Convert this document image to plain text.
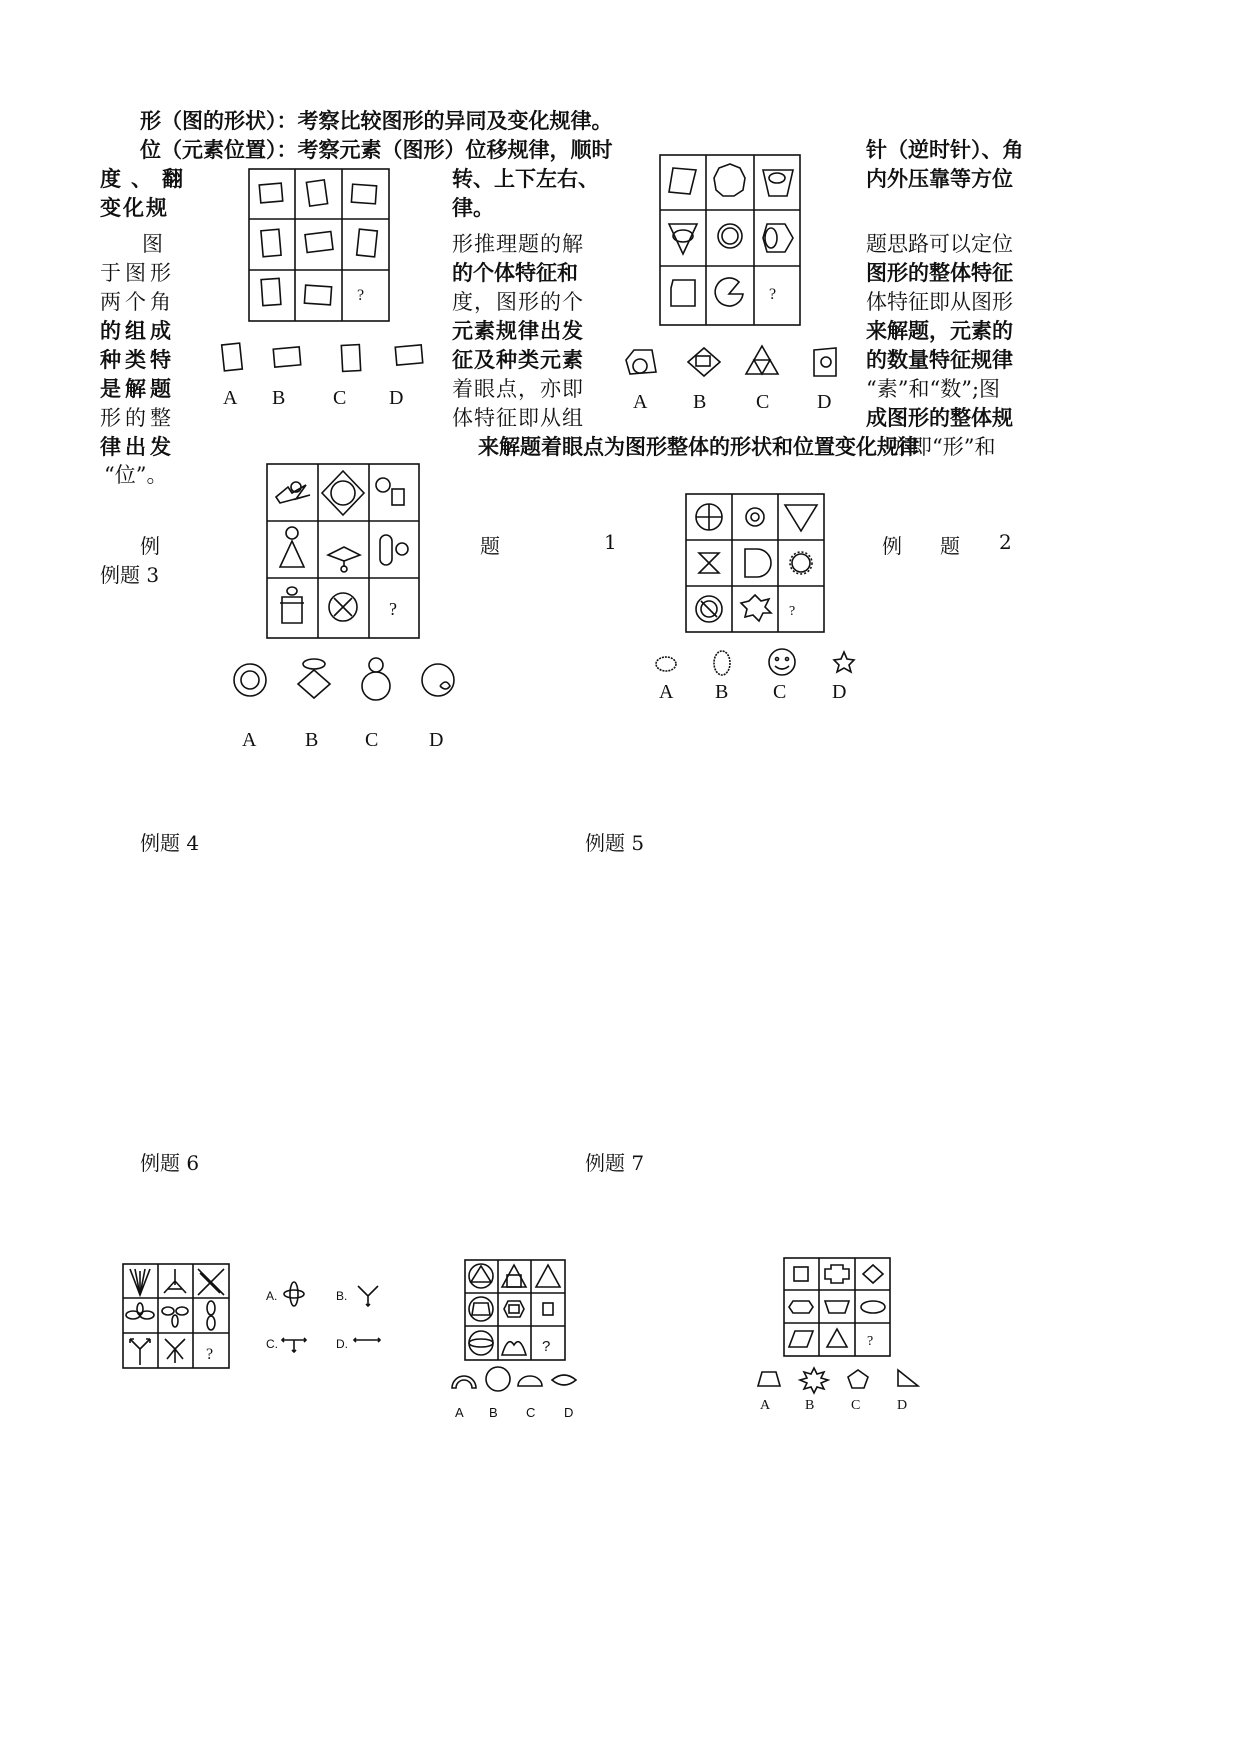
形（图的形状）：考察比较图形的异同及变化规律。
位（元素位置）：考察元素（图形）位移规律，顺时	针（逆时针）、角
度、翻
变化规
转、上下左右、
律。
内外压靠等方位
图
于图形
两个角
的组成
种类特
是解题
形的整
律出发
“位”。
形推理题的解
的个体特征和
度，图形的个
元素规律出发
征及种类元素
着眼点，亦即
体特征即从组
题思路可以定位
图形的整体特征
体特征即从图形
来解题，元素的
的数量特征规律
“素”和“数”;图
成图形的整体规
来解题着眼点为图形整体的形状和位置变化规律
亦即“形”和
例	题	1	例 题 2
例题 3
例题 4	例题 5
例题 6	例题 7
?
A B C D
?
A B C D
?
A B C	D
?
A B C D
?
A.	B.
C.	D.	?
A B C D
?
A B	C	D
